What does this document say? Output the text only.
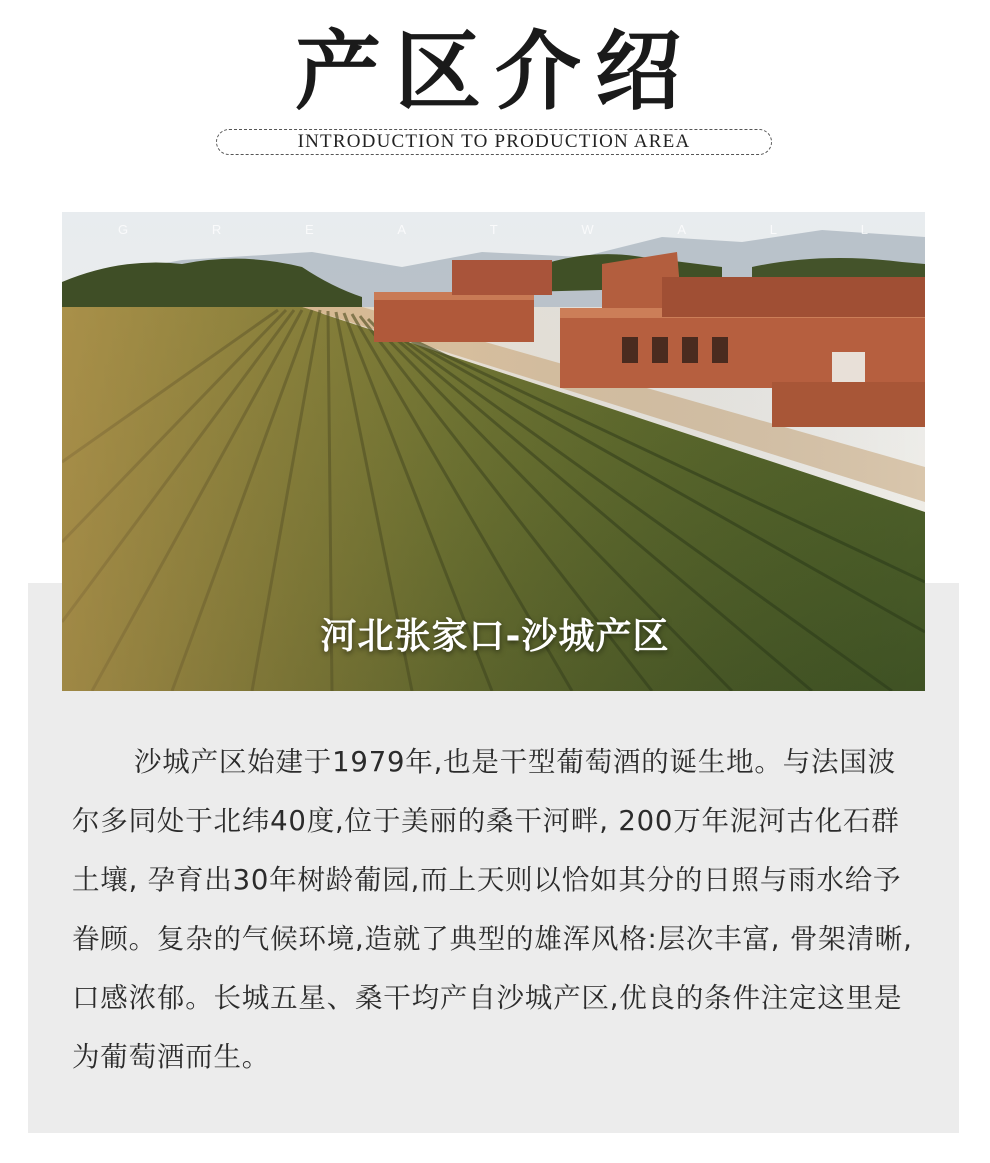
产区介绍
INTRODUCTION TO PRODUCTION AREA
G	R	E	A	T	W	A	L	L
河北张家口-沙城产区
沙城产区始建于1979年,也是干型葡萄酒的诞生地。与法国波尔多同处于北纬40度,位于美丽的桑干河畔, 200万年泥河古化石群土壤, 孕育出30年树龄葡园,而上天则以恰如其分的日照与雨水给予眷顾。复杂的气候环境,造就了典型的雄浑风格:层次丰富, 骨架清晰,口感浓郁。长城五星、桑干均产自沙城产区,优良的条件注定这里是为葡萄酒而生。
